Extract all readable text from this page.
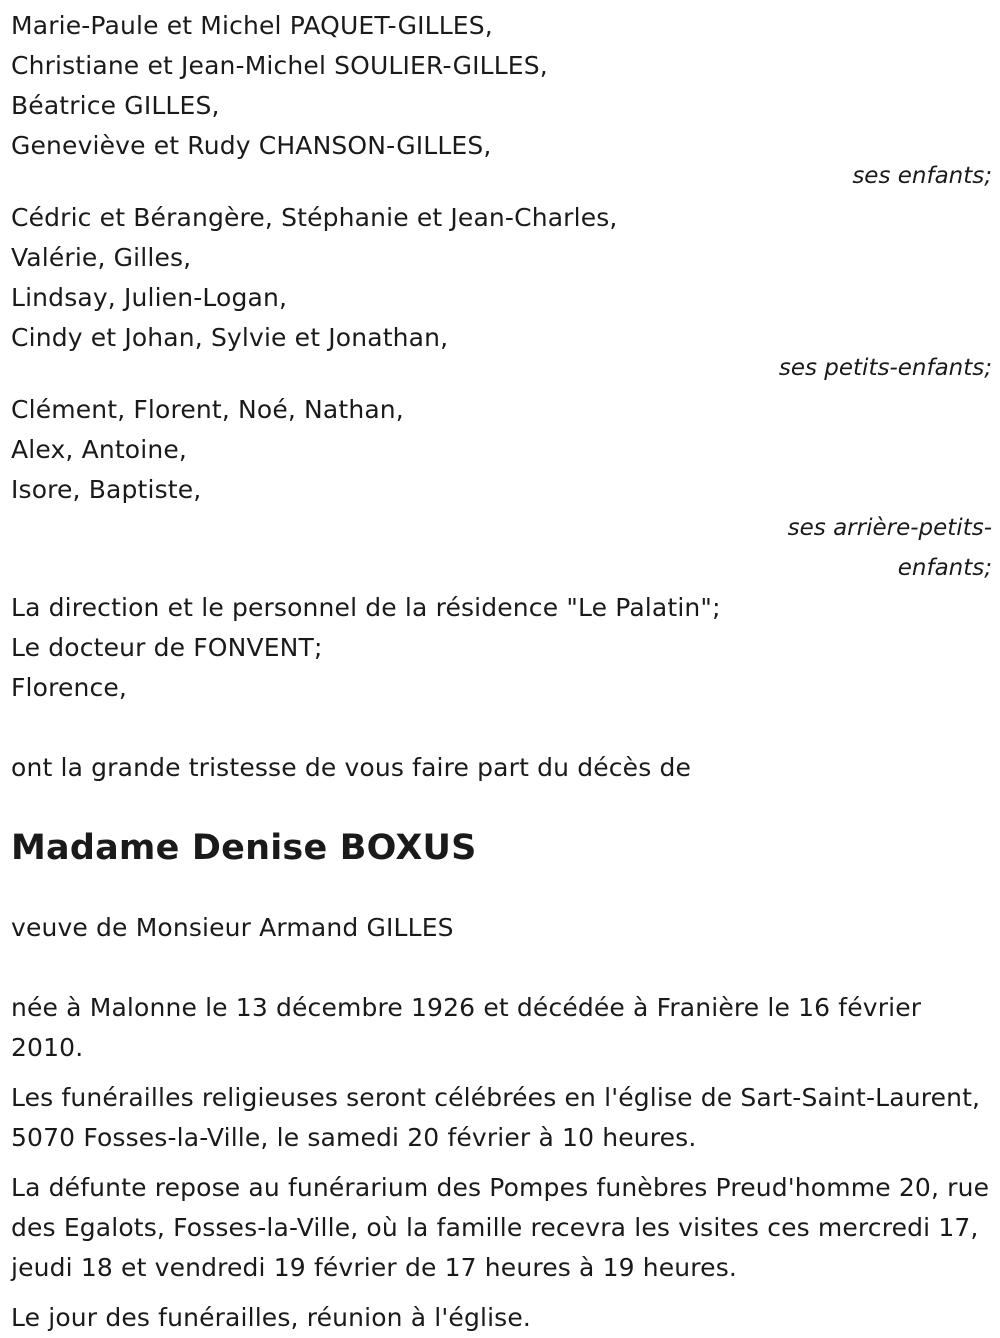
Marie-Paule et Michel PAQUET-GILLES,
Christiane et Jean-Michel SOULIER-GILLES,
Béatrice GILLES,
Geneviève et Rudy CHANSON-GILLES,
ses enfants;
Cédric et Bérangère, Stéphanie et Jean-Charles,
Valérie, Gilles,
Lindsay, Julien-Logan,
Cindy et Johan, Sylvie et Jonathan,
ses petits-enfants;
Clément, Florent, Noé, Nathan,
Alex, Antoine,
Isore, Baptiste,
ses arrière-petits-
enfants;
La direction et le personnel de la résidence "Le Palatin";
Le docteur de FONVENT;
Florence,
ont la grande tristesse de vous faire part du décès de
Madame Denise BOXUS
veuve de Monsieur Armand GILLES
née à Malonne le 13 décembre 1926 et décédée à Franière le 16 février 2010.
Les funérailles religieuses seront célébrées en l'église de Sart-Saint-Laurent, 5070 Fosses-la-Ville, le samedi 20 février à 10 heures.
La défunte repose au funérarium des Pompes funèbres Preud'homme 20, rue des Egalots, Fosses-la-Ville, où la famille recevra les visites ces mercredi 17, jeudi 18 et vendredi 19 février de 17 heures à 19 heures.
Le jour des funérailles, réunion à l'église.
